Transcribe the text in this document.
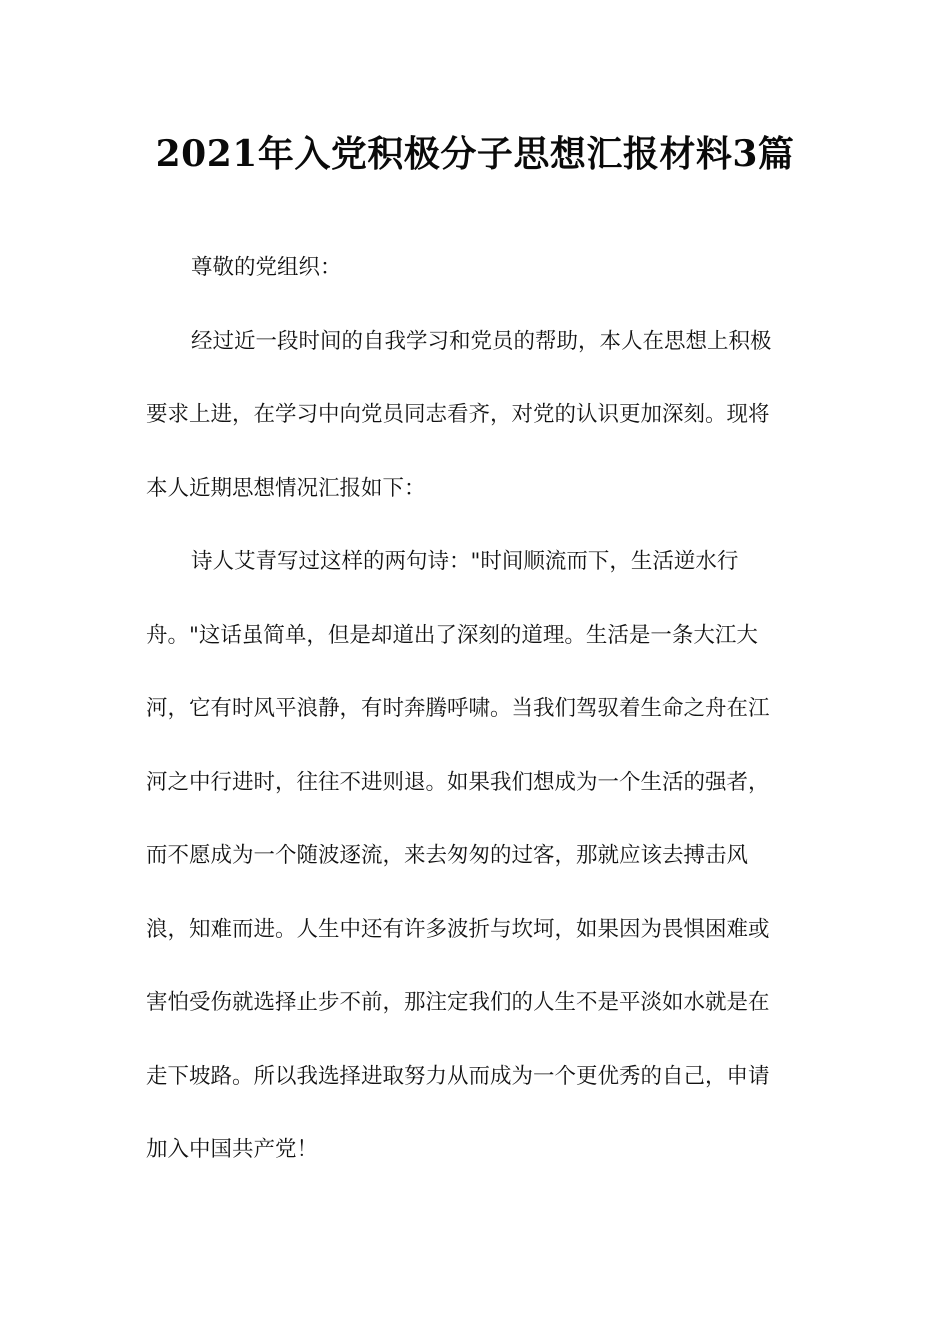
2021年入党积极分子思想汇报材料3篇
尊敬的党组织：
经过近一段时间的自我学习和党员的帮助，本人在思想上积极
要求上进，在学习中向党员同志看齐，对党的认识更加深刻。现将
本人近期思想情况汇报如下：
诗人艾青写过这样的两句诗："时间顺流而下，生活逆水行
舟。"这话虽简单，但是却道出了深刻的道理。生活是一条大江大
河，它有时风平浪静，有时奔腾呼啸。当我们驾驭着生命之舟在江
河之中行进时，往往不进则退。如果我们想成为一个生活的强者，
而不愿成为一个随波逐流，来去匆匆的过客，那就应该去搏击风
浪，知难而进。人生中还有许多波折与坎坷，如果因为畏惧困难或
害怕受伤就选择止步不前，那注定我们的人生不是平淡如水就是在
走下坡路。所以我选择进取努力从而成为一个更优秀的自己，申请
加入中国共产党！
